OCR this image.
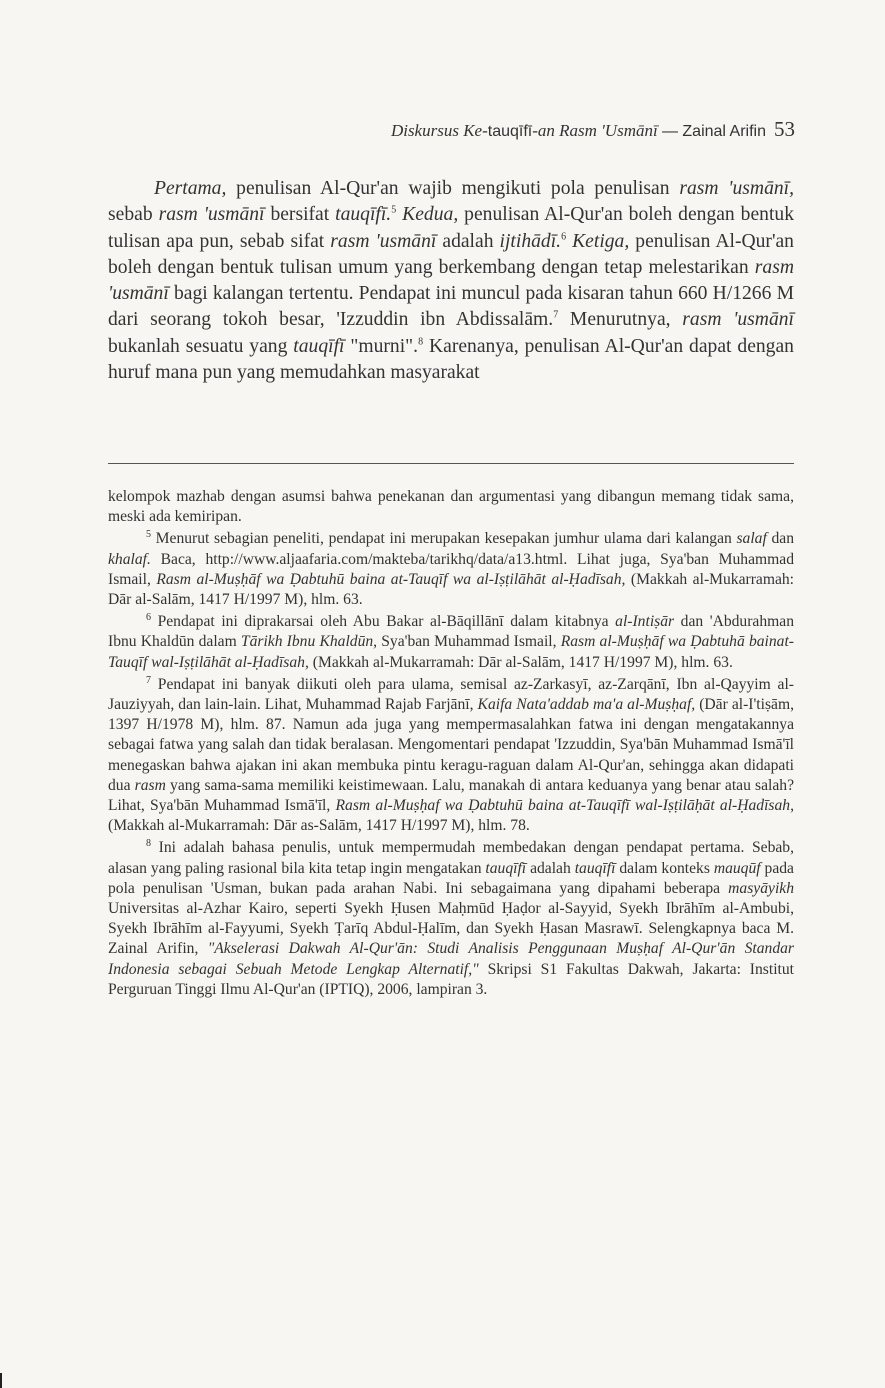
Diskursus Ke-tauqīfī-an Rasm 'Usmānī — Zainal Arifin 53

Pertama, penulisan Al-Qur'an wajib mengikuti pola penulisan rasm 'usmānī, sebab rasm 'usmānī bersifat tauqīfī.$^5$ Kedua, penulisan Al-Qur'an boleh dengan bentuk tulisan apa pun, sebab sifat rasm 'usmānī adalah ijtihādī.$^6$ Ketiga, penulisan Al-Qur'an boleh dengan bentuk tulisan umum yang berkembang dengan tetap melestarikan rasm 'usmānī bagi kalangan tertentu. Pendapat ini muncul pada kisaran tahun 660 H/1266 M dari seorang tokoh besar, 'Izzuddin ibn Abdissalām.$^7$ Menurutnya, rasm 'usmānī bukanlah sesuatu yang tauqīfī "murni".$^8$ Karenanya, penulisan Al-Qur'an dapat dengan huruf mana pun yang memudahkan masyarakat

kelompok mazhab dengan asumsi bahwa penekanan dan argumentasi yang dibangun memang tidak sama, meski ada kemiripan.

$^5$ Menurut sebagian peneliti, pendapat ini merupakan kesepakan jumhur ulama dari kalangan salaf dan khalaf. Baca, http://www.aljaafaria.com/makteba/tarikhq/data/a13.html. Lihat juga, Sya'ban Muhammad Ismail, Rasm al-Muṣḥāf wa Ḍabtuhū baina at-Tauqīf wa al-Iṣṭilāhāt al-Ḥadīsah, (Makkah al-Mukarramah: Dār al-Salām, 1417 H/1997 M), hlm. 63.

$^6$ Pendapat ini diprakarsai oleh Abu Bakar al-Bāqillānī dalam kitabnya al-Intiṣār dan 'Abdurahman Ibnu Khaldūn dalam Tārikh Ibnu Khaldūn, Sya'ban Muhammad Ismail, Rasm al-Muṣḥāf wa Ḍabtuhā bainat-Tauqīf wal-Iṣṭilāhāt al-Ḥadīsah, (Makkah al-Mukarramah: Dār al-Salām, 1417 H/1997 M), hlm. 63.

$^7$ Pendapat ini banyak diikuti oleh para ulama, semisal az-Zarkasyī, az-Zarqānī, Ibn al-Qayyim al-Jauziyyah, dan lain-lain. Lihat, Muhammad Rajab Farjānī, Kaifa Nata'addab ma'a al-Muṣḥaf, (Dār al-I'tiṣām, 1397 H/1978 M), hlm. 87. Namun ada juga yang mempermasalahkan fatwa ini dengan mengatakannya sebagai fatwa yang salah dan tidak beralasan. Mengomentari pendapat 'Izzuddin, Sya'bān Muhammad Ismā'īl menegaskan bahwa ajakan ini akan membuka pintu keragu-raguan dalam Al-Qur'an, sehingga akan didapati dua rasm yang sama-sama memiliki keistimewaan. Lalu, manakah di antara keduanya yang benar atau salah? Lihat, Sya'bān Muhammad Ismā'īl, Rasm al-Muṣḥaf wa Ḍabtuhū baina at-Tauqīfī wal-Iṣṭilāḥāt al-Ḥadīsah, (Makkah al-Mukarramah: Dār as-Salām, 1417 H/1997 M), hlm. 78.

$^8$ Ini adalah bahasa penulis, untuk mempermudah membedakan dengan pendapat pertama. Sebab, alasan yang paling rasional bila kita tetap ingin mengatakan tauqīfī adalah tauqīfī dalam konteks mauqūf pada pola penulisan 'Usman, bukan pada arahan Nabi. Ini sebagaimana yang dipahami beberapa masyāyikh Universitas al-Azhar Kairo, seperti Syekh Ḥusen Maḥmūd Ḥaḍor al-Sayyid, Syekh Ibrāhīm al-Ambubi, Syekh Ibrāhīm al-Fayyumi, Syekh Ṭarīq Abdul-Ḥalīm, dan Syekh Ḥasan Masrawī. Selengkapnya baca M. Zainal Arifin, "Akselerasi Dakwah Al-Qur'ān: Studi Analisis Penggunaan Muṣḥaf Al-Qur'ān Standar Indonesia sebagai Sebuah Metode Lengkap Alternatif," Skripsi S1 Fakultas Dakwah, Jakarta: Institut Perguruan Tinggi Ilmu Al-Qur'an (IPTIQ), 2006, lampiran 3.
